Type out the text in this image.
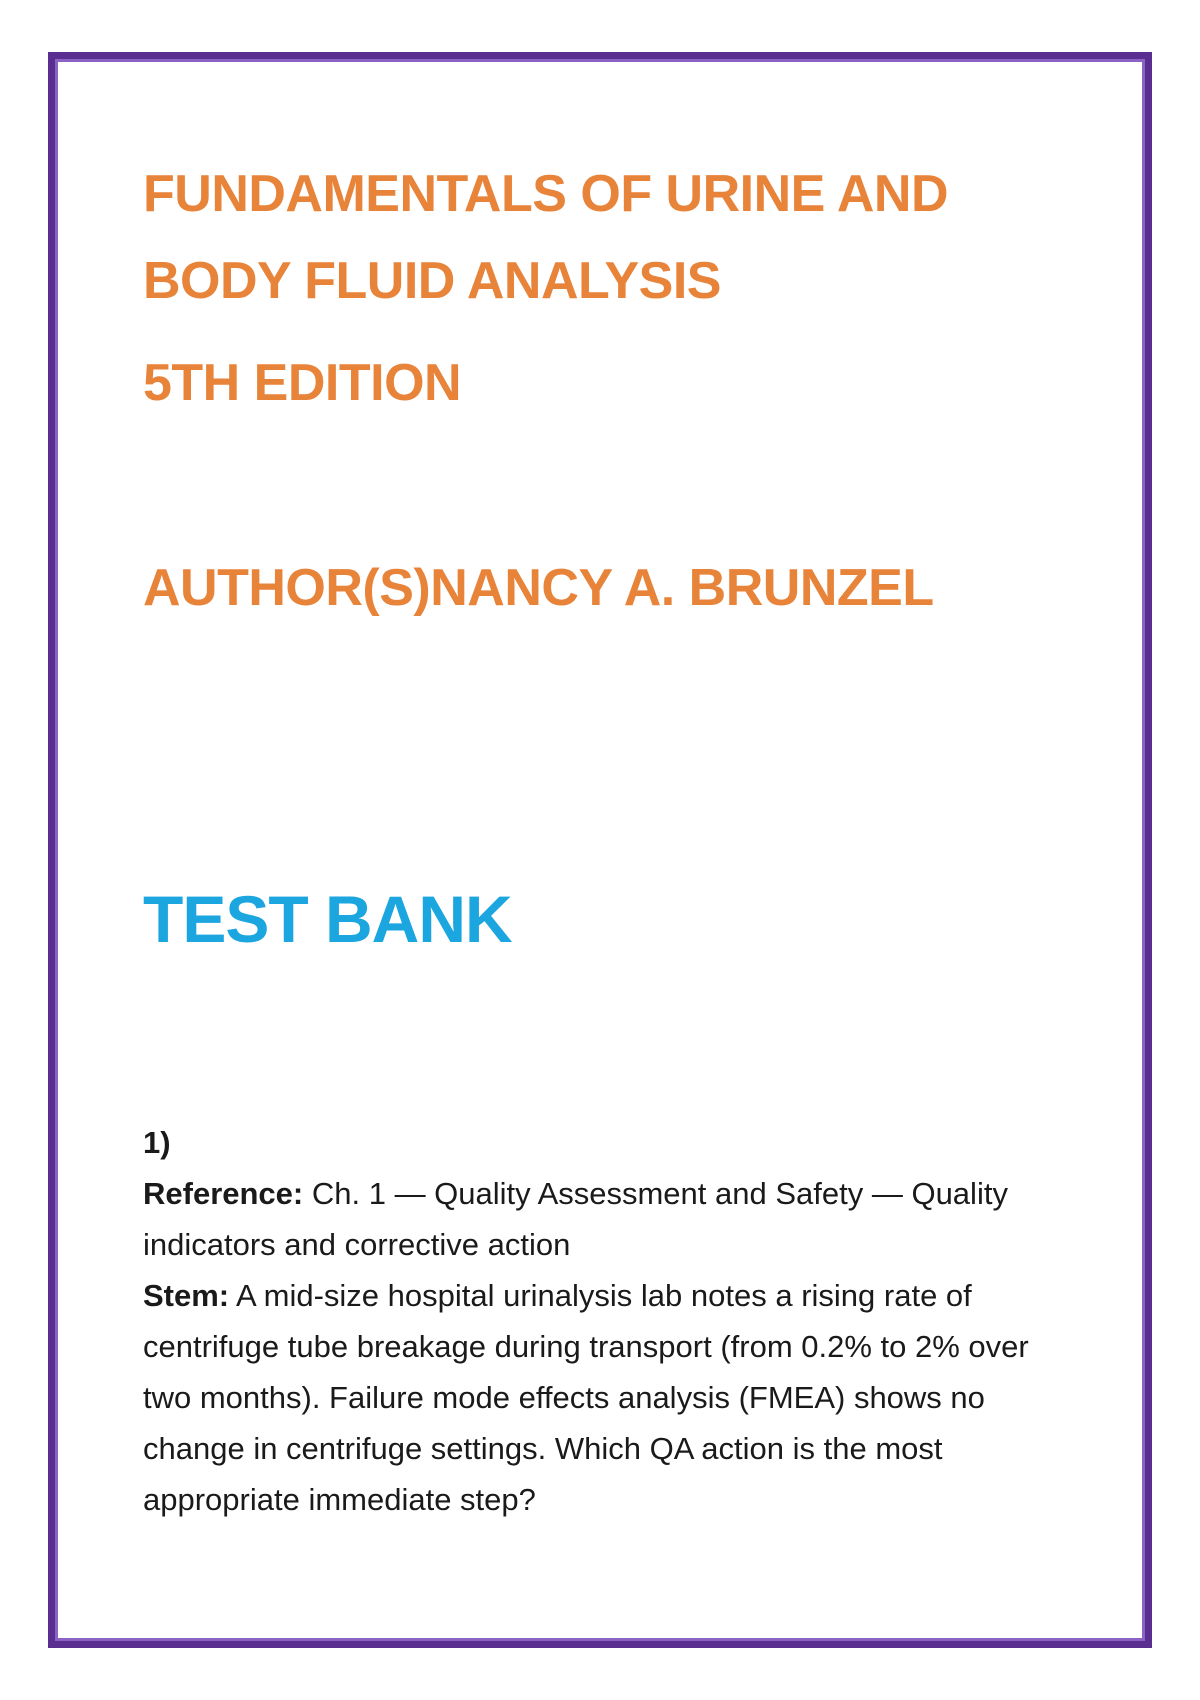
FUNDAMENTALS OF URINE AND
BODY FLUID ANALYSIS
5TH EDITION
AUTHOR(S)NANCY A. BRUNZEL
TEST BANK
1)
Reference: Ch. 1 — Quality Assessment and Safety — Quality indicators and corrective action
Stem: A mid-size hospital urinalysis lab notes a rising rate of centrifuge tube breakage during transport (from 0.2% to 2% over two months). Failure mode effects analysis (FMEA) shows no change in centrifuge settings. Which QA action is the most appropriate immediate step?
